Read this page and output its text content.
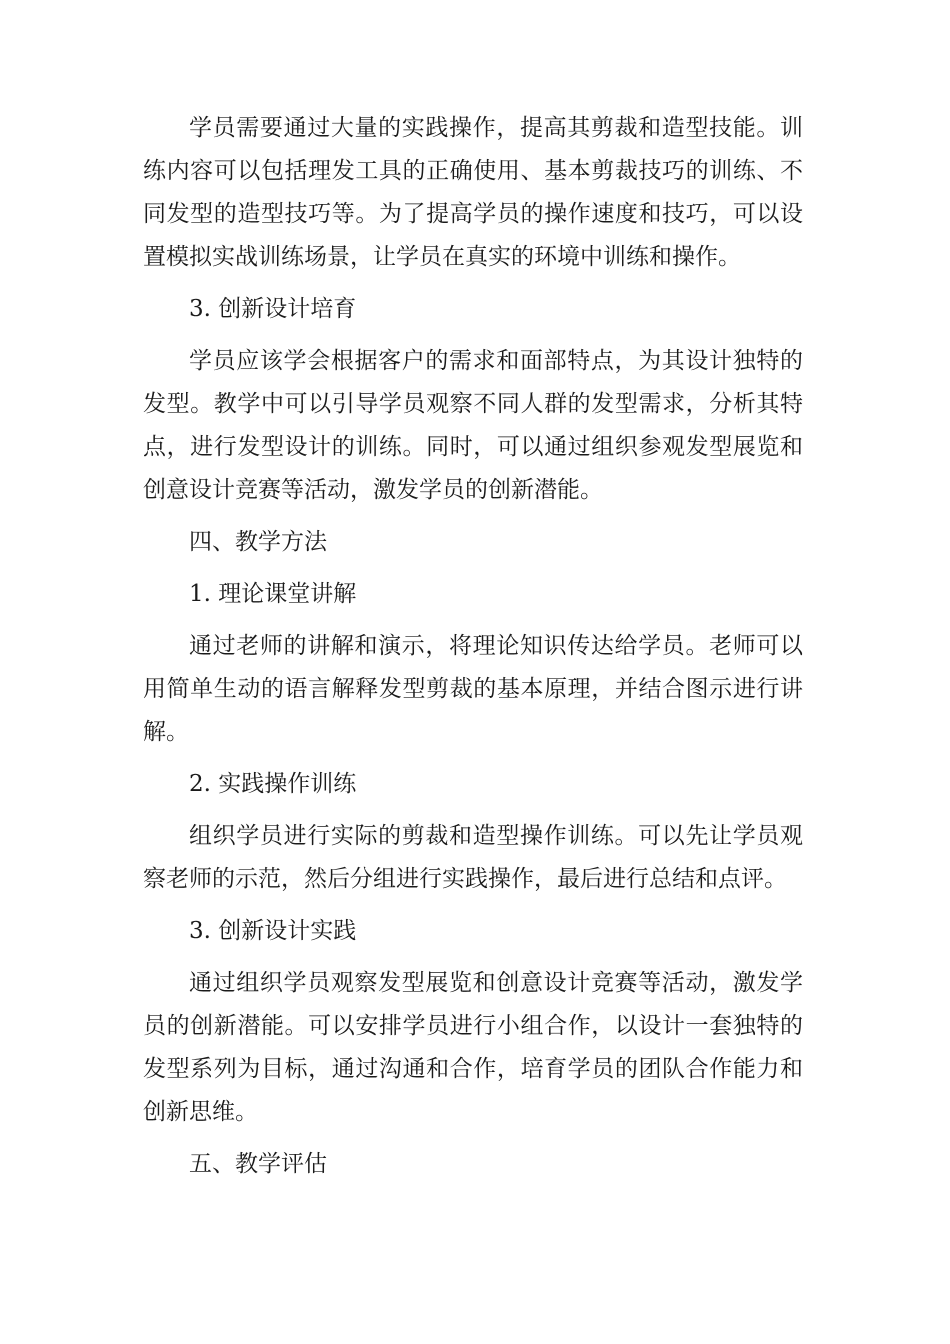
学员需要通过大量的实践操作，提高其剪裁和造型技能。训练内容可以包括理发工具的正确使用、基本剪裁技巧的训练、不同发型的造型技巧等。为了提高学员的操作速度和技巧，可以设置模拟实战训练场景，让学员在真实的环境中训练和操作。

3. 创新设计培育

学员应该学会根据客户的需求和面部特点，为其设计独特的发型。教学中可以引导学员观察不同人群的发型需求，分析其特点，进行发型设计的训练。同时，可以通过组织参观发型展览和创意设计竞赛等活动，激发学员的创新潜能。

四、教学方法

1. 理论课堂讲解

通过老师的讲解和演示，将理论知识传达给学员。老师可以用简单生动的语言解释发型剪裁的基本原理，并结合图示进行讲解。

2. 实践操作训练

组织学员进行实际的剪裁和造型操作训练。可以先让学员观察老师的示范，然后分组进行实践操作，最后进行总结和点评。

3. 创新设计实践

通过组织学员观察发型展览和创意设计竞赛等活动，激发学员的创新潜能。可以安排学员进行小组合作，以设计一套独特的发型系列为目标，通过沟通和合作，培育学员的团队合作能力和创新思维。

五、教学评估
